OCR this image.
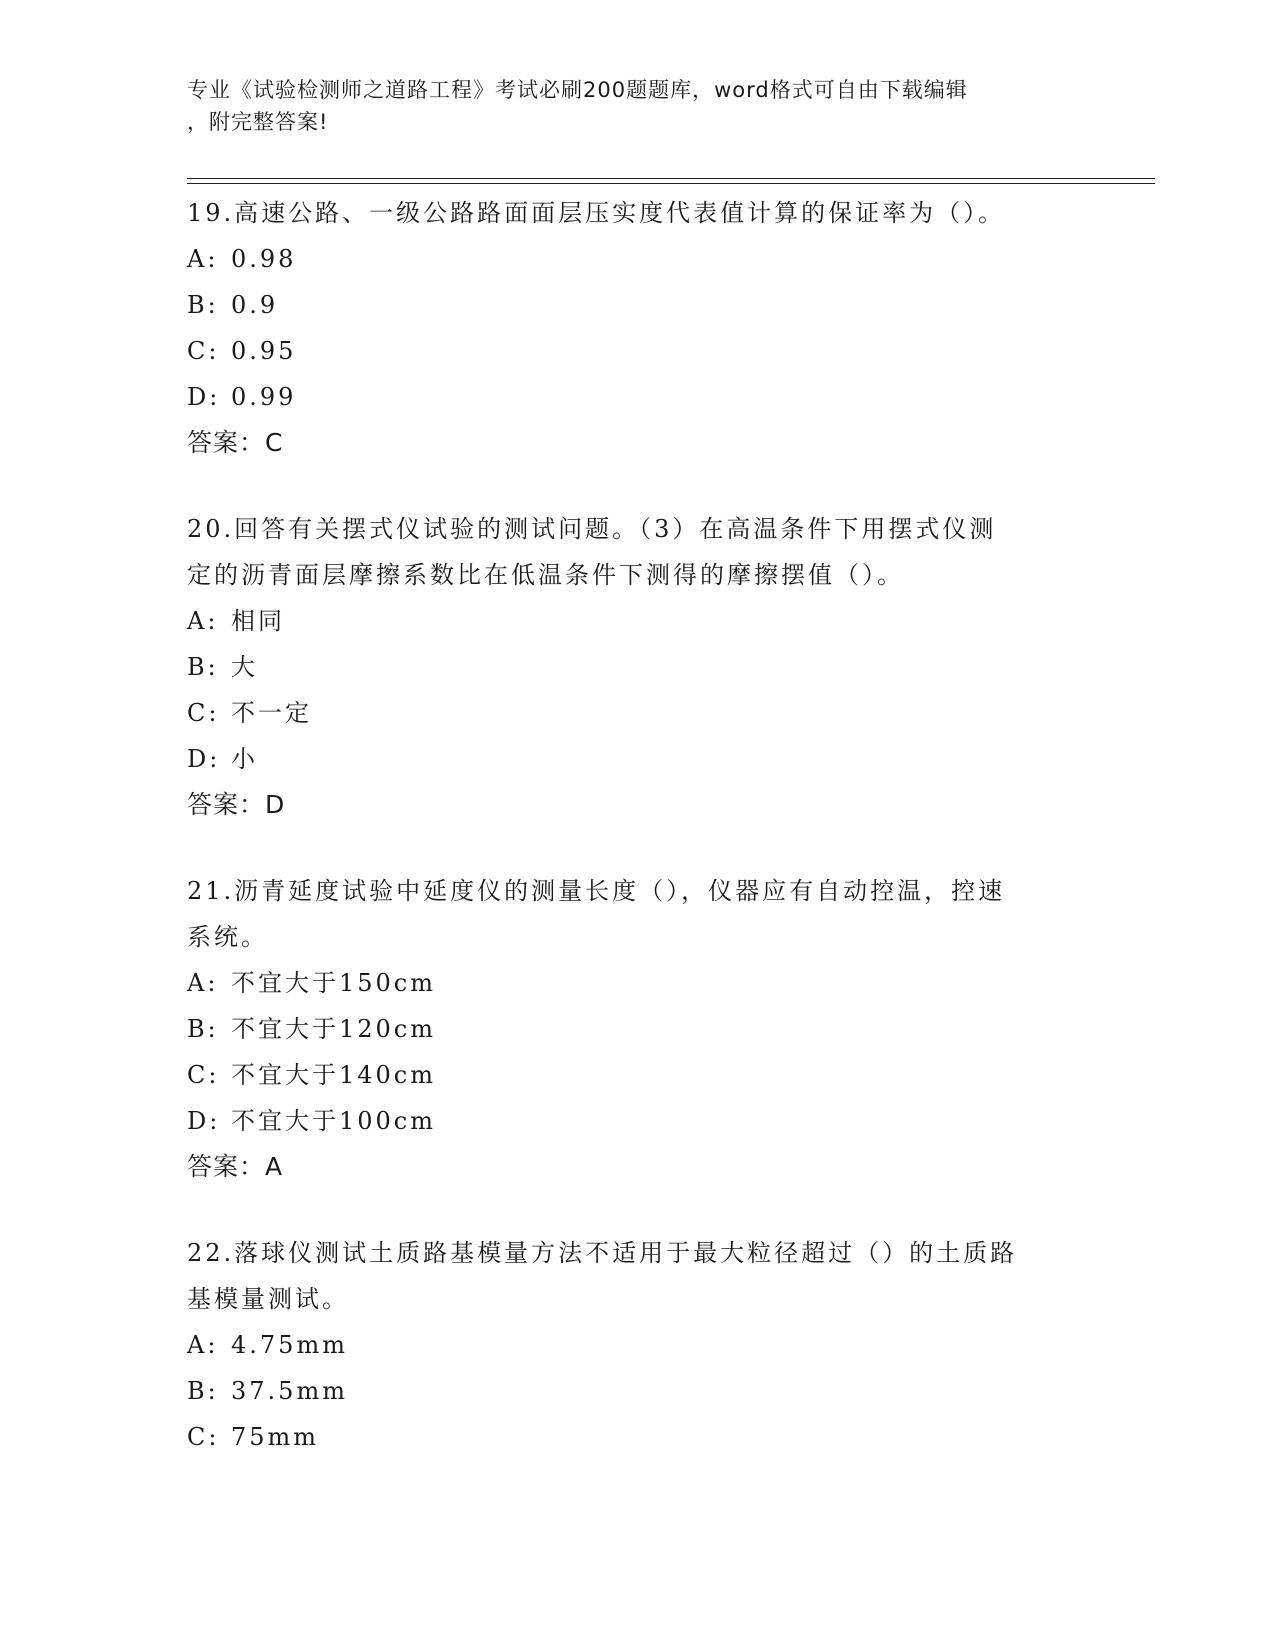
专业《试验检测师之道路工程》考试必刷200题题库，word格式可自由下载编辑
，附完整答案!
19.高速公路、一级公路路面面层压实度代表值计算的保证率为（）。
A: 0.98
B: 0.9
C: 0.95
D: 0.99
答案：C
20.回答有关摆式仪试验的测试问题。（3）在高温条件下用摆式仪测
定的沥青面层摩擦系数比在低温条件下测得的摩擦摆值（）。
A: 相同
B: 大
C: 不一定
D: 小
答案：D
21.沥青延度试验中延度仪的测量长度（），仪器应有自动控温，控速
系统。
A: 不宜大于150cm
B: 不宜大于120cm
C: 不宜大于140cm
D: 不宜大于100cm
答案：A
22.落球仪测试土质路基模量方法不适用于最大粒径超过（）的土质路
基模量测试。
A: 4.75mm
B: 37.5mm
C: 75mm
